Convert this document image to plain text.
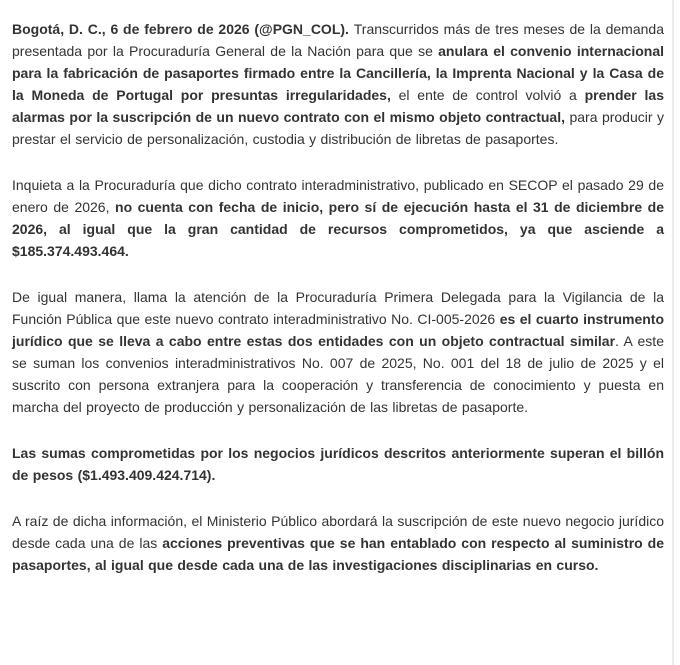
Bogotá, D. C., 6 de febrero de 2026 (@PGN_COL). Transcurridos más de tres meses de la demanda presentada por la Procuraduría General de la Nación para que se anulara el convenio internacional para la fabricación de pasaportes firmado entre la Cancillería, la Imprenta Nacional y la Casa de la Moneda de Portugal por presuntas irregularidades, el ente de control volvió a prender las alarmas por la suscripción de un nuevo contrato con el mismo objeto contractual, para producir y prestar el servicio de personalización, custodia y distribución de libretas de pasaportes.

Inquieta a la Procuraduría que dicho contrato interadministrativo, publicado en SECOP el pasado 29 de enero de 2026, no cuenta con fecha de inicio, pero sí de ejecución hasta el 31 de diciembre de 2026, al igual que la gran cantidad de recursos comprometidos, ya que asciende a $185.374.493.464.

De igual manera, llama la atención de la Procuraduría Primera Delegada para la Vigilancia de la Función Pública que este nuevo contrato interadministrativo No. CI-005-2026 es el cuarto instrumento jurídico que se lleva a cabo entre estas dos entidades con un objeto contractual similar. A este se suman los convenios interadministrativos No. 007 de 2025, No. 001 del 18 de julio de 2025 y el suscrito con persona extranjera para la cooperación y transferencia de conocimiento y puesta en marcha del proyecto de producción y personalización de las libretas de pasaporte.

Las sumas comprometidas por los negocios jurídicos descritos anteriormente superan el billón de pesos ($1.493.409.424.714).

A raíz de dicha información, el Ministerio Público abordará la suscripción de este nuevo negocio jurídico desde cada una de las acciones preventivas que se han entablado con respecto al suministro de pasaportes, al igual que desde cada una de las investigaciones disciplinarias en curso.
